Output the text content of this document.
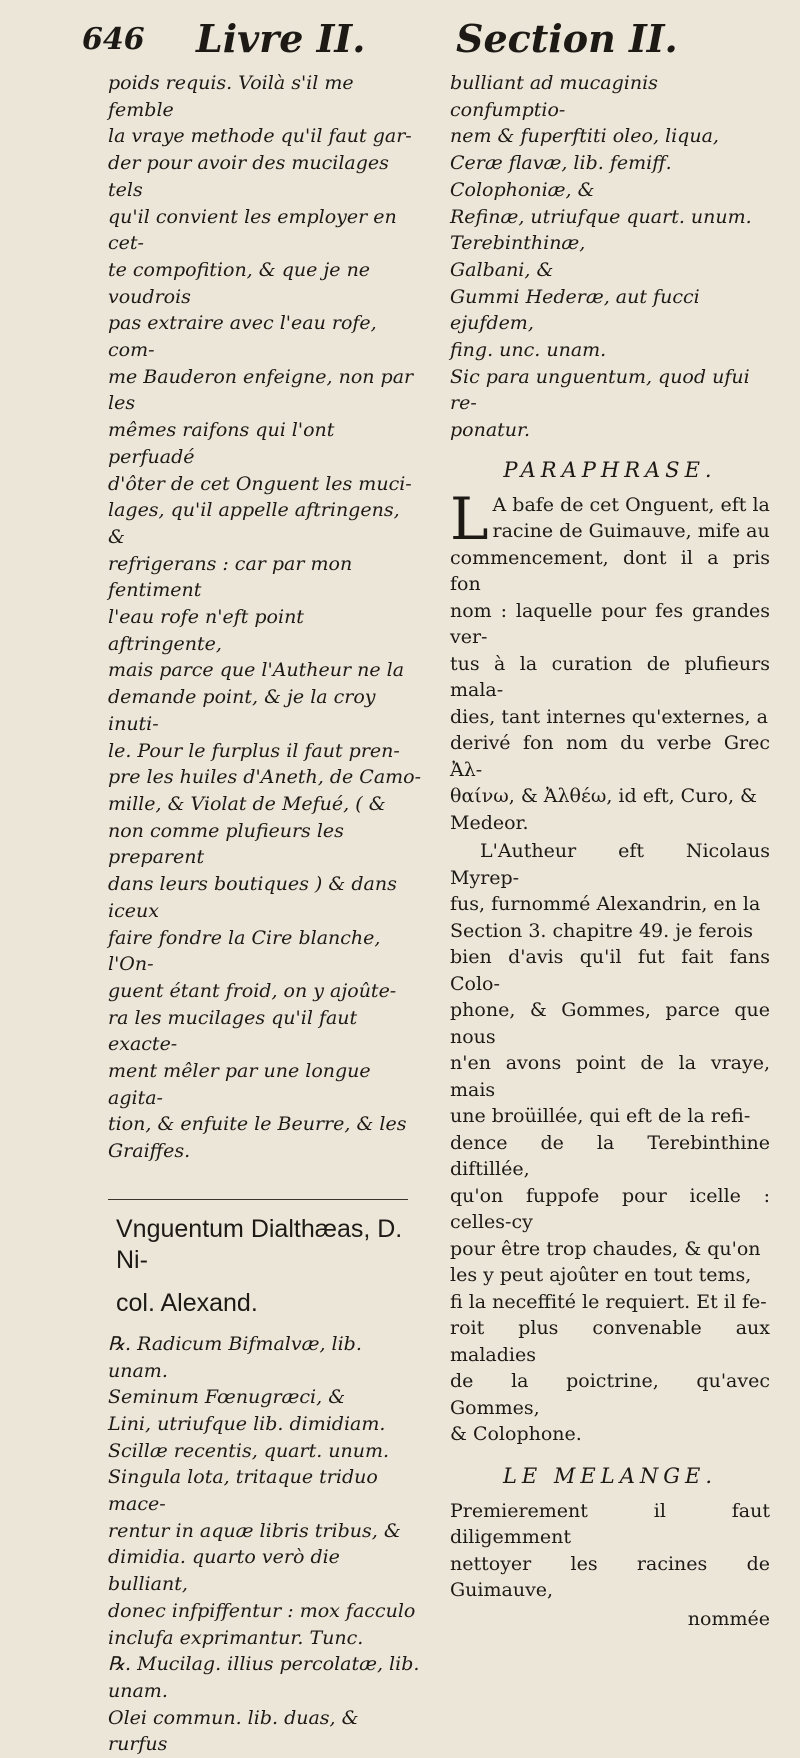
646 Livre II. Section II.
poids requis. Voilà s'il me femble
la vraye methode qu'il faut gar-
der pour avoir des mucilages tels
qu'il convient les employer en cet-
te compofition, & que je ne voudrois
pas extraire avec l'eau rofe, com-
me Bauderon enfeigne, non par les
mêmes raifons qui l'ont perfuadé
d'ôter de cet Onguent les muci-
lages, qu'il appelle aftringens, &
refrigerans : car par mon fentiment
l'eau rofe n'eft point aftringente,
mais parce que l'Autheur ne la
demande point, & je la croy inuti-
le. Pour le furplus il faut pren-
pre les huiles d'Aneth, de Camo-
mille, & Violat de Mefué, ( &
non comme plufieurs les preparent
dans leurs boutiques ) & dans iceux
faire fondre la Cire blanche, l'On-
guent étant froid, on y ajoûte-
ra les mucilages qu'il faut exacte-
ment mêler par une longue agita-
tion, & enfuite le Beurre, & les
Graiffes.
Vnguentum Dialthæas, D. Ni-
col. Alexand.
℞. Radicum Bifmalvæ, lib. unam.
Seminum Fœnugræci, &
Lini, utriufque lib. dimidiam.
Scillæ recentis, quart. unum.
Singula lota, tritaque triduo mace-
rentur in aquæ libris tribus, &
dimidia. quarto verò die bulliant,
donec infpiffentur : mox facculo
inclufa exprimantur. Tunc.
℞. Mucilag. illius percolatæ, lib.
unam.
Olei commun. lib. duas, & rurfus
bulliant ad mucaginis confumptio-
nem & fuperftiti oleo, liqua,
Ceræ flavæ, lib. femiff.
Colophoniæ, &
Refinæ, utriufque quart. unum.
Terebinthinæ,
Galbani, &
Gummi Hederæ, aut fucci ejufdem,
fing. unc. unam.
Sic para unguentum, quod ufui re-
ponatur.
PARAPHRASE.
L A bafe de cet Onguent, eft la
racine de Guimauve, mife au
commencement, dont il a pris fon
nom : laquelle pour fes grandes ver-
tus à la curation de plufieurs mala-
dies, tant internes qu'externes, a
derivé fon nom du verbe Grec Ἀλ-
θαίνω, & Ἀλθέω, id eft, Curo, &
Medeor.
L'Autheur eft Nicolaus Myrep-
fus, furnommé Alexandrin, en la
Section 3. chapitre 49. je ferois
bien d'avis qu'il fut fait fans Colo-
phone, & Gommes, parce que nous
n'en avons point de la vraye, mais
une broüillée, qui eft de la refi-
dence de la Terebinthine diftillée,
qu'on fuppofe pour icelle : celles-cy
pour être trop chaudes, & qu'on
les y peut ajoûter en tout tems,
fi la neceffité le requiert. Et il fe-
roit plus convenable aux maladies
de la poictrine, qu'avec Gommes,
& Colophone.
LE MELANGE.
Premierement il faut diligemment
nettoyer les racines de Guimauve,
nommée
